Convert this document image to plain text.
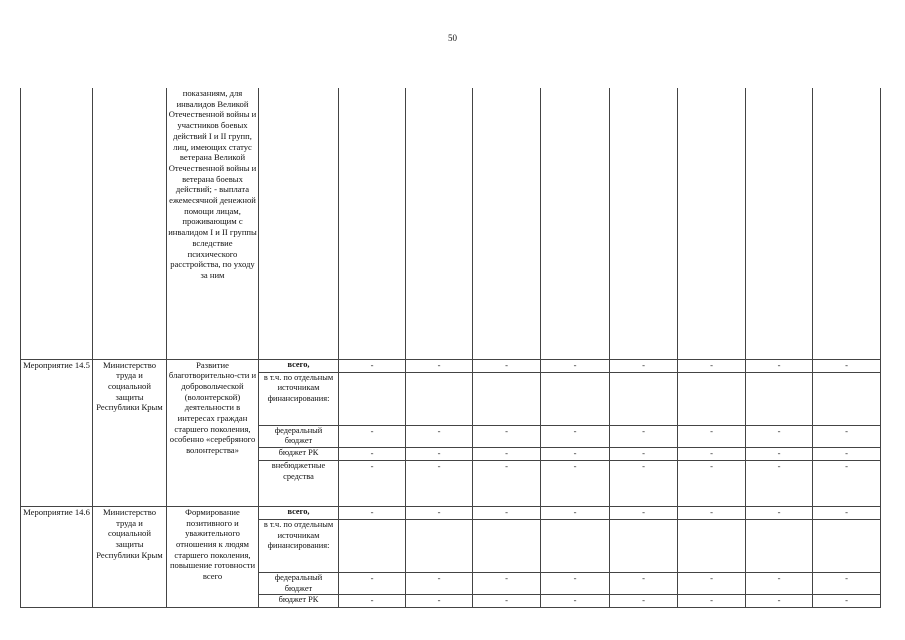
50
		показаниям, для инвалидов Великой Отечественной войны и участников боевых действий I и II групп, лиц, имеющих статус ветерана Великой Отечественной войны и ветерана боевых действий; - выплата ежемесячной денежной помощи лицам, проживающим с инвалидом I и II группы вследствие психического расстройства, по уходу за ним									
Мероприятие 14.5	Министерство труда и социальной защиты Республики Крым	Развитие благотворительно-сти и добровольческой (волонтерской) деятельности в интересах граждан старшего поколения, особенно «серебряного волонтерства»	всего,	-	-	-	-	-	-	-	-
			в т.ч. по отдельным источникам финансирования:								
			федеральный бюджет	-	-	-	-	-	-	-	-
			бюджет РК	-	-	-	-	-	-	-	-
			внебюджетные средства	-	-	-	-	-	-	-	-
Мероприятие 14.6	Министерство труда и социальной защиты Республики Крым	Формирование позитивного и уважительного отношения к людям старшего поколения, повышение готовности всего	всего,	-	-	-	-	-	-	-	-
			в т.ч. по отдельным источникам финансирования:								
			федеральный бюджет	-	-	-	-	-	-	-	-
			бюджет РК	-	-	-	-	-	-	-	-
